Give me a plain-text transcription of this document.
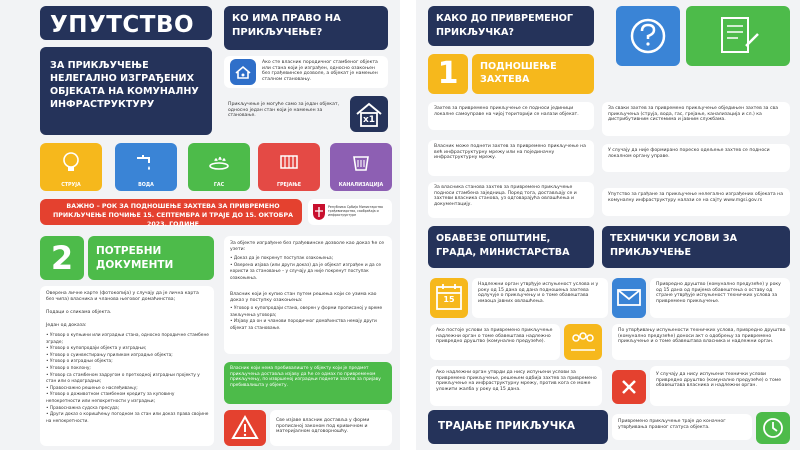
УПУТСТВО
ЗА ПРИКЉУЧЕЊЕ НЕЛЕГАЛНО ИЗГРАЂЕНИХ ОБЈЕКАТА НА КОМУНАЛНУ ИНФРАСТРУКТУРУ
КО ИМА ПРАВО НА ПРИКЉУЧЕЊЕ?
Ако сте власник породичног стамбеног објекта или стана који је изграђен, односно озакоњен без грађевинске дозволе, а објекат је намењен сталном становању.
Прикључење је могуће само за један објекат, односно један стан који је намењен за становање.	x1
СТРУЈА	ВОДА	ГАС	ГРЕЈАЊЕ	КАНАЛИЗАЦИЈА
ВАЖНО – РОК ЗА ПОДНОШЕЊЕ ЗАХТЕВА ЗА ПРИВРЕМЕНО ПРИКЉУЧЕЊЕ ПОЧИЊЕ 15. СЕПТЕМБРА И ТРАЈЕ ДО 15. ОКТОБРА 2023. ГОДИНЕ
Република Србија Министарство грађевинарства, саобраћаја и инфраструктуре
2	ПОТРЕБНИ ДОКУМЕНТИ
Оверена личне карте (фотокопија) у случају да је лична карта без чипа) власника и чланова његовог домаћинства;
Подаци о сликама објекта.
Један од доказа:
• Уговор о купњини или изградњи стана, односно породичне стамбене зграде;
• Уговор о купопродаји објекта у изградњи;
• Уговор о суинвестирању приликом изградње објекта;
• Уговор о изградњи објекта;
• Уговор о поклону;
• Уговор са стамбеном задругом о претходној изградњи пројекту у стан или о надоградњи;
• Правоснажно решење о наслеђивању;
• Уговор о доживотном стамбеном кредиту за куповину непокретности или непокретности у изградњи;
• Правоснажна судска пресуда;
• Други доказ о коришћењу погодном за стан или доказ права својине на непокретности.
За објекте изграђене без грађевинске дозволе као доказ ће се узети:
• Доказ да је покренут поступак озакоњења;
• Оверена изјава (или други доказ) да је објекат изграђен и да се користи за становање – у случају да није покренут поступак озакоњења.
Власник који је купио стан путем решења који се узима као доказ у поступку озакоњења:
• Уговор о купопродаји стана, оверен у форми прописаној у време закључења уговора;
• Изјаву да он и чланови породичног домаћинства немају други објекат за становање.
Власник који нема пребивалиште у објекту који је предмет прикључења доставља изјаву да ће се одмах по привременом прикључењу, по извршеној изградњи поднети захтев за пријаву пребивалишта у објекту.
Све изјаве власник доставља у форми прописаној законом под кривичном и материјалном одговорношћу.
КАКО ДО ПРИВРЕМЕНОГ ПРИКЉУЧКА?
1	ПОДНОШЕЊЕ ЗАХТЕВА
Захтев за привремено прикључење се подноси јединици локалне самоуправе на чијој територији се налази објекат.
За сваки захтев за привремено прикључење обједињен захтев за сва прикључења (струја, вода, гас, грејање, канализација и сл.) ка дистрибутивним системима и јавним службама.
Власник може поднети захтев за привремено прикључење на већ инфраструктурну мрежу или на појединачну инфраструктурну мрежу.
У случају да није формирано пореско одељење захтев се подноси локалном органу управе.
За власника станова захтев за привремено прикључење подноси стамбена заједница. Поред тога, достављају се и захтеви власника станова, уз одговарајућа овлашћења и документацију.
Упутство за грађане за прикључење нелегално изграђених објеката на комуналну инфраструктуру налази се на сајту www.mgsi.gov.rs
ОБАВЕЗЕ ОПШТИНЕ, ГРАДА, МИНИСТАРСТВА
ТЕХНИЧКИ УСЛОВИ ЗА ПРИКЉУЧЕЊЕ
15
Надлежни орган утврђује испуњеност услова и у року од 15 дана од дана подношења захтева одлучује о прикључењу и о томе обавештава имаоца јавних овлашћења.
Привредно друштво (комунално предузеће) у року од 15 дана од пријема обавештења о оставу од стране утврђује испуњеност техничких услова за привремено прикључење.
Ако постоје услови за привремено прикључење надлежни орган о томе обавештава надлежно привредно друштво (комунално предузеће).
По утврђивању испуњености техничких услова, привредно друштво (комунално предузеће) доноси акт о одобрењу за привремено прикључење и о томе обавештава власника и надлежни орган.
Ако надлежни орган утврди да нису испуњени услови за привремено прикључење, решењем одбија захтев за привремено прикључење на инфраструктурну мрежу, против кога се може уложити жалба у року од 15 дана.
У случају да нису испуњени технички услови привредно друштво (комунално предузеће) о томе обавештава власника и надлежни орган.
ТРАЈАЊЕ ПРИКЉУЧКА	Привремено прикључење траје до коначног утврђивања правног статуса објекта.
